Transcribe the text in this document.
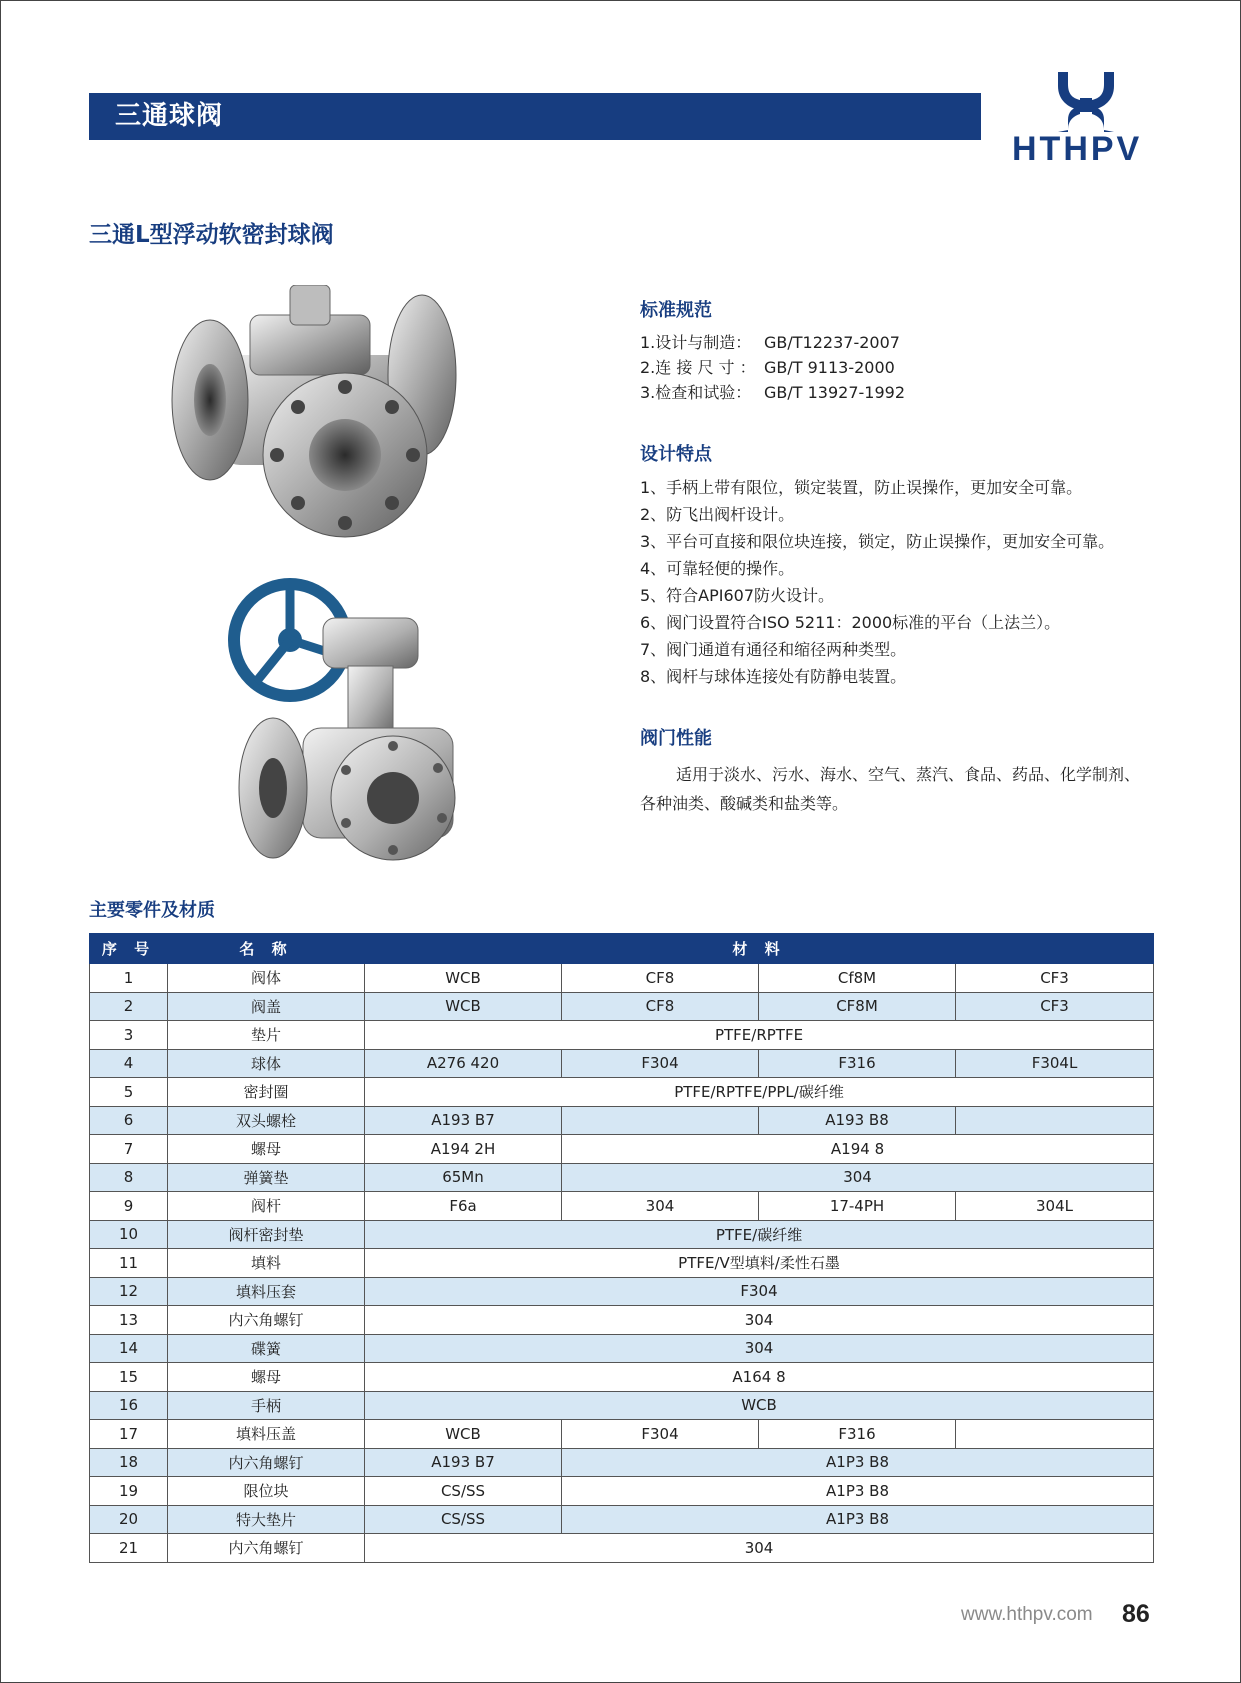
三通球阀
HTHPV
三通L型浮动软密封球阀
标准规范
1.设计与制造： GB/T12237-2007
2.连 接 尺 寸 ： GB/T 9113-2000
3.检查和试验： GB/T 13927-1992
设计特点
1、手柄上带有限位，锁定装置，防止误操作，更加安全可靠。
2、防飞出阀杆设计。
3、平台可直接和限位块连接，锁定，防止误操作，更加安全可靠。
4、可靠轻便的操作。
5、符合API607防火设计。
6、阀门设置符合ISO 5211：2000标准的平台（上法兰）。
7、阀门通道有通径和缩径两种类型。
8、阀杆与球体连接处有防静电装置。
阀门性能
适用于淡水、污水、海水、空气、蒸汽、食品、药品、化学制剂、各种油类、酸碱类和盐类等。
主要零件及材质
序 号	名 称	材 料			
1	阀体	WCB	CF8	Cf8M	CF3
2	阀盖	WCB	CF8	CF8M	CF3
3	垫片	PTFE/RPTFE			
4	球体	A276 420	F304	F316	F304L
5	密封圈	PTFE/RPTFE/PPL/碳纤维			
6	双头螺栓	A193 B7		A193 B8	
7	螺母	A194 2H	A194 8		
8	弹簧垫	65Mn	304		
9	阀杆	F6a	304	17-4PH	304L
10	阀杆密封垫	PTFE/碳纤维			
11	填料	PTFE/V型填料/柔性石墨			
12	填料压套	F304			
13	内六角螺钉	304			
14	碟簧	304			
15	螺母	A164 8			
16	手柄	WCB			
17	填料压盖	WCB	F304	F316	
18	内六角螺钉	A193 B7	A1P3 B8		
19	限位块	CS/SS	A1P3 B8		
20	特大垫片	CS/SS	A1P3 B8		
21	内六角螺钉	304			
www.hthpv.com 86
